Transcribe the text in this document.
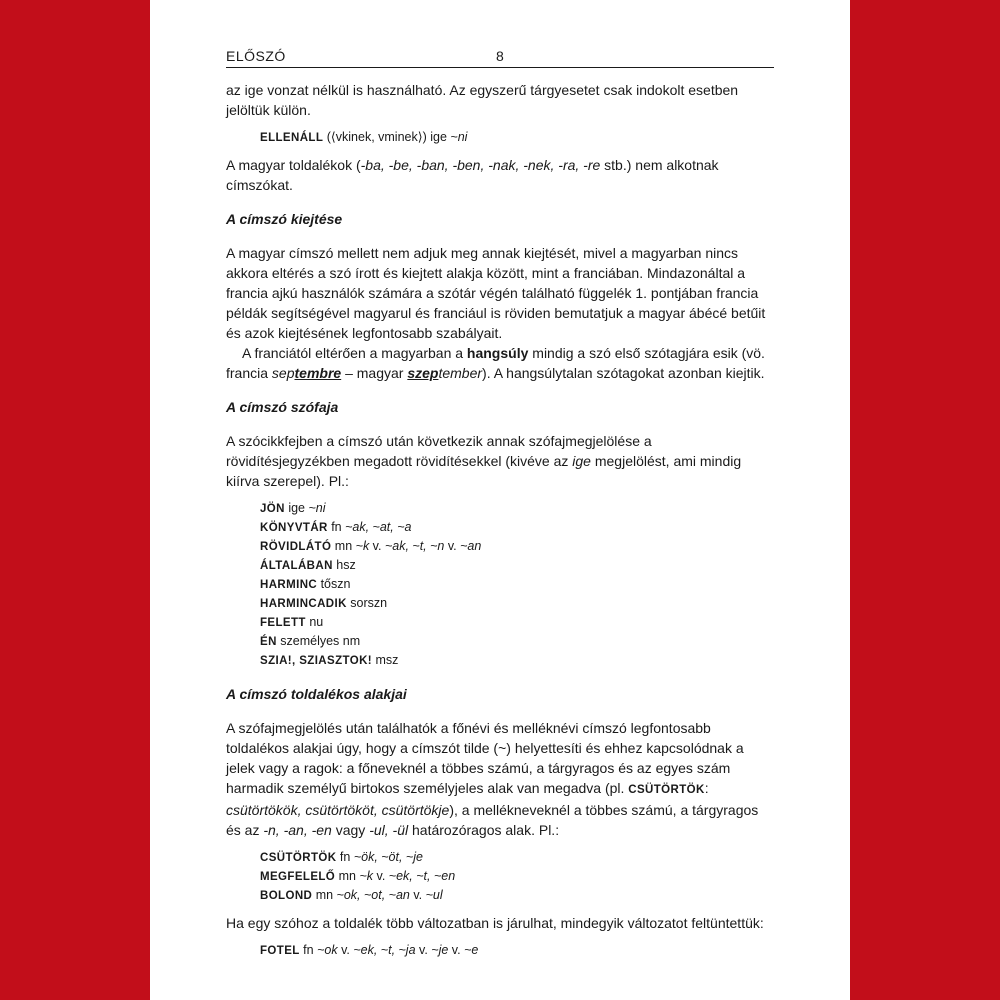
ELŐSZÓ	8

az ige vonzat nélkül is használható. Az egyszerű tárgyesetet csak indokolt esetben jelöltük külön.

ELLENÁLL (⟨vkinek, vminek⟩) ige ~ni

A magyar toldalékok (-ba, -be, -ban, -ben, -nak, -nek, -ra, -re stb.) nem alkotnak címszókat.

A címszó kiejtése

A magyar címszó mellett nem adjuk meg annak kiejtését, mivel a magyarban nincs akkora eltérés a szó írott és kiejtett alakja között, mint a franciában. Mindazonáltal a francia ajkú használók számára a szótár végén található függelék 1. pontjában francia példák segítségével magyarul és franciául is röviden bemutatjuk a magyar ábécé betűit és azok kiejtésének legfontosabb szabályait.

A franciától eltérően a magyarban a hangsúly mindig a szó első szótagjára esik (vö. francia septembre – magyar szeptember). A hangsúlytalan szótagokat azonban kiejtik.

A címszó szófaja

A szócikkfejben a címszó után következik annak szófajmegjelölése a rövidítésjegyzékben megadott rövidítésekkel (kivéve az ige megjelölést, ami mindig kiírva szerepel). Pl.:

JÖN ige ~ni

KÖNYVTÁR fn ~ak, ~at, ~a

RÖVIDLÁTÓ mn ~k v. ~ak, ~t, ~n v. ~an

ÁLTALÁBAN hsz

HARMINC tőszn

HARMINCADIK sorszn

FELETT nu

ÉN személyes nm

SZIA!, SZIASZTOK! msz

A címszó toldalékos alakjai

A szófajmegjelölés után találhatók a főnévi és melléknévi címszó legfontosabb toldalékos alakjai úgy, hogy a címszót tilde (~) helyettesíti és ehhez kapcsolódnak a jelek vagy a ragok: a főneveknél a többes számú, a tárgyragos és az egyes szám harmadik személyű birtokos személyjeles alak van megadva (pl. CSÜTÖRTÖK: csütörtökök, csütörtököt, csütörtökje), a mellékneveknél a többes számú, a tárgyragos és az -n, -an, -en vagy -ul, -ül határozóragos alak. Pl.:

CSÜTÖRTÖK fn ~ök, ~öt, ~je

MEGFELELŐ mn ~k v. ~ek, ~t, ~en

BOLOND mn ~ok, ~ot, ~an v. ~ul

Ha egy szóhoz a toldalék több változatban is járulhat, mindegyik változatot feltüntettük:

FOTEL fn ~ok v. ~ek, ~t, ~ja v. ~je v. ~e
